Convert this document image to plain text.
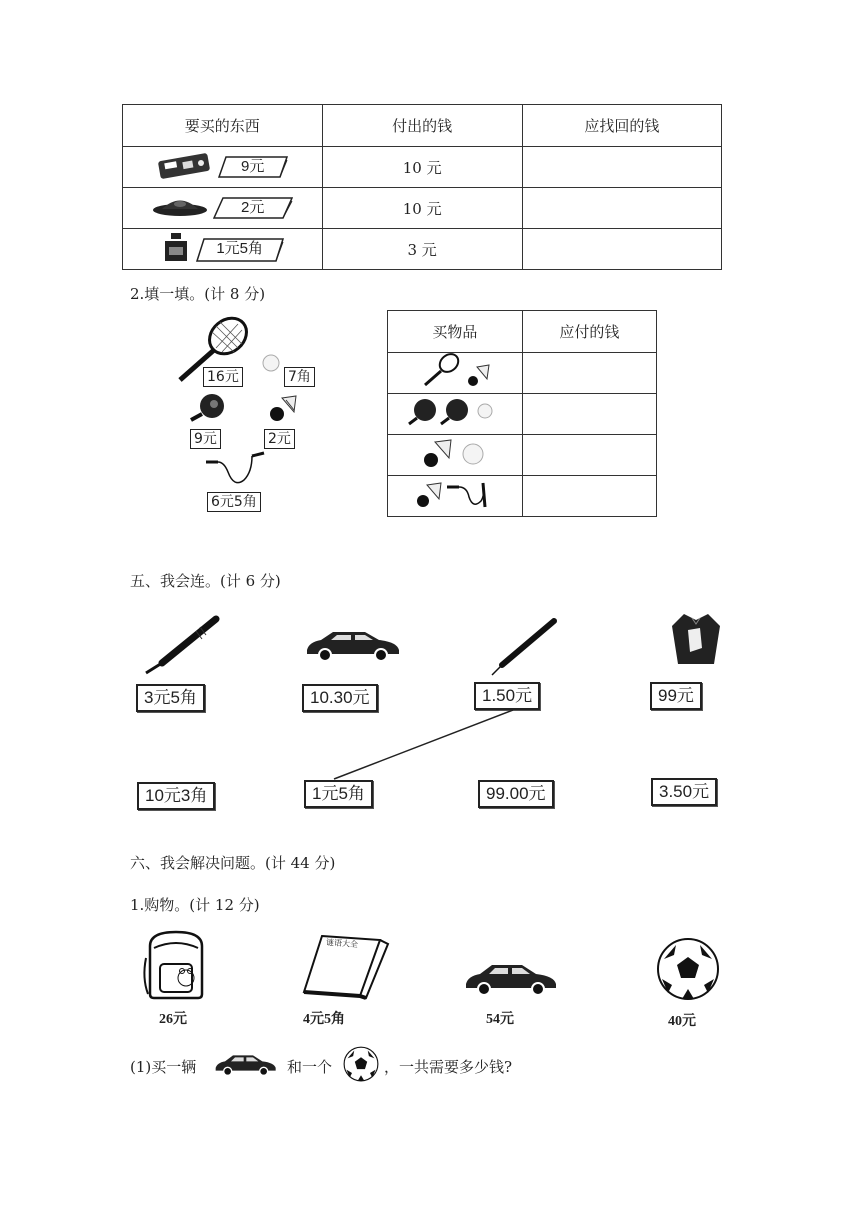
要买的东西	付出的钱	应找回的钱

9元	10 元	

2元	10 元	

1元5角	3 元	
2.填一填。(计 8 分)
16元	7角
9元	2元
6元5角
买物品	应付的钱

五、我会连。(计 6 分)
3元5角	10.30元	1.50元	99元
10元3角	1元5角	99.00元	3.50元
六、我会解决问题。(计 44 分)
1.购物。(计 12 分)
谜语大全
26元	4元5角	54元	40元
(1)买一辆	和一个	，一共需要多少钱?
